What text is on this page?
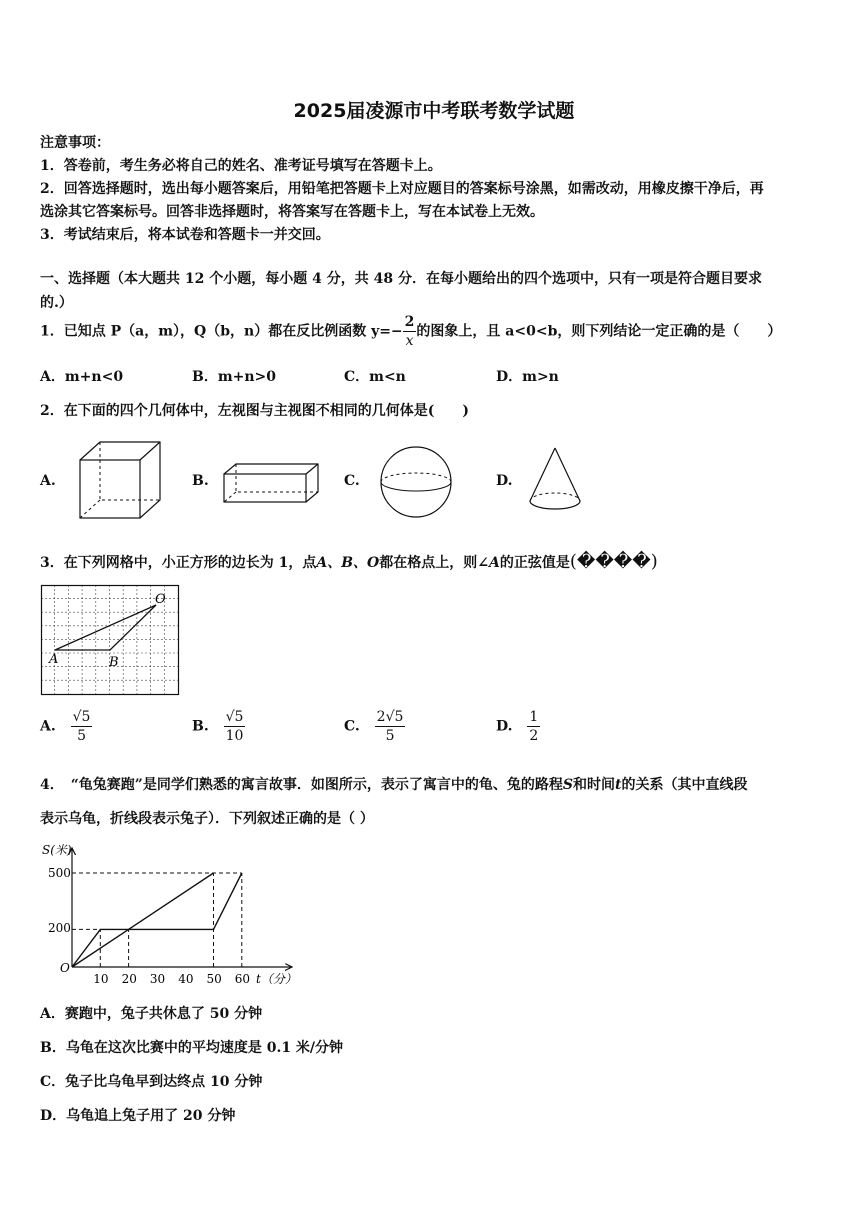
2025届凌源市中考联考数学试题
注意事项：
1．答卷前，考生务必将自己的姓名、准考证号填写在答题卡上。
2．回答选择题时，选出每小题答案后，用铅笔把答题卡上对应题目的答案标号涂黑，如需改动，用橡皮擦干净后，再
选涂其它答案标号。回答非选择题时，将答案写在答题卡上，写在本试卷上无效。
3．考试结束后，将本试卷和答题卡一并交回。
一、选择题（本大题共 12 个小题，每小题 4 分，共 48 分．在每小题给出的四个选项中，只有一项是符合题目要求
的.）
1．已知点 P（a，m），Q（b，n）都在反比例函数 $y=- \frac{2}{x}$ 的图象上，且 a<0<b，则下列结论一定正确的是（　　）
A．m+n<0	B．m+n>0	C．m<n	D．m>n
2．在下面的四个几何体中，左视图与主视图不相同的几何体是(　　)
A.	B.	C.	D.
3．在下列网格中，小正方形的边长为 1，点A、B、O都在格点上，则∠A的正弦值是(����)
O
A	B
A. $\frac{√5}{5}$	B. $\frac{√5}{10}$	C. $\frac{2√5}{5}$	D. $\frac{1}{2}$
4．　“龟兔赛跑”是同学们熟悉的寓言故事．如图所示，表示了寓言中的龟、兔的路程S和时间t的关系（其中直线段
表示乌龟，折线段表示兔子）．下列叙述正确的是（ ）
S(米)
t（分）
O
500
200
10 20 30 40 50 60
A．赛跑中，兔子共休息了 50 分钟
B．乌龟在这次比赛中的平均速度是 0.1 米/分钟
C．兔子比乌龟早到达终点 10 分钟
D．乌龟追上兔子用了 20 分钟
